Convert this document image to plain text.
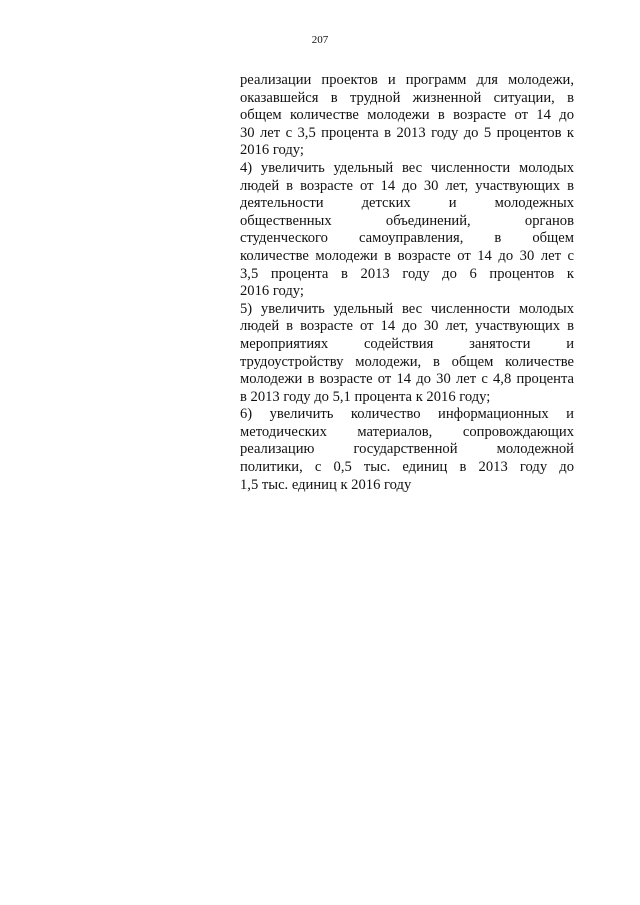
207
реализации проектов и программ для молодежи,
оказавшейся в трудной жизненной ситуации, в
общем количестве молодежи в возрасте от 14 до
30 лет с 3,5 процента в 2013 году до 5 процентов к
2016 году;
4) увеличить удельный вес численности молодых
людей в возрасте от 14 до 30 лет, участвующих в
деятельности детских и молодежных
общественных объединений, органов
студенческого самоуправления, в общем
количестве молодежи в возрасте от 14 до 30 лет с
3,5 процента в 2013 году до 6 процентов к
2016 году;
5) увеличить удельный вес численности молодых
людей в возрасте от 14 до 30 лет, участвующих в
мероприятиях содействия занятости и
трудоустройству молодежи, в общем количестве
молодежи в возрасте от 14 до 30 лет с 4,8 процента
в 2013 году до 5,1 процента к 2016 году;
6) увеличить количество информационных и
методических материалов, сопровождающих
реализацию государственной молодежной
политики, с 0,5 тыс. единиц в 2013 году до
1,5 тыс. единиц к 2016 году
